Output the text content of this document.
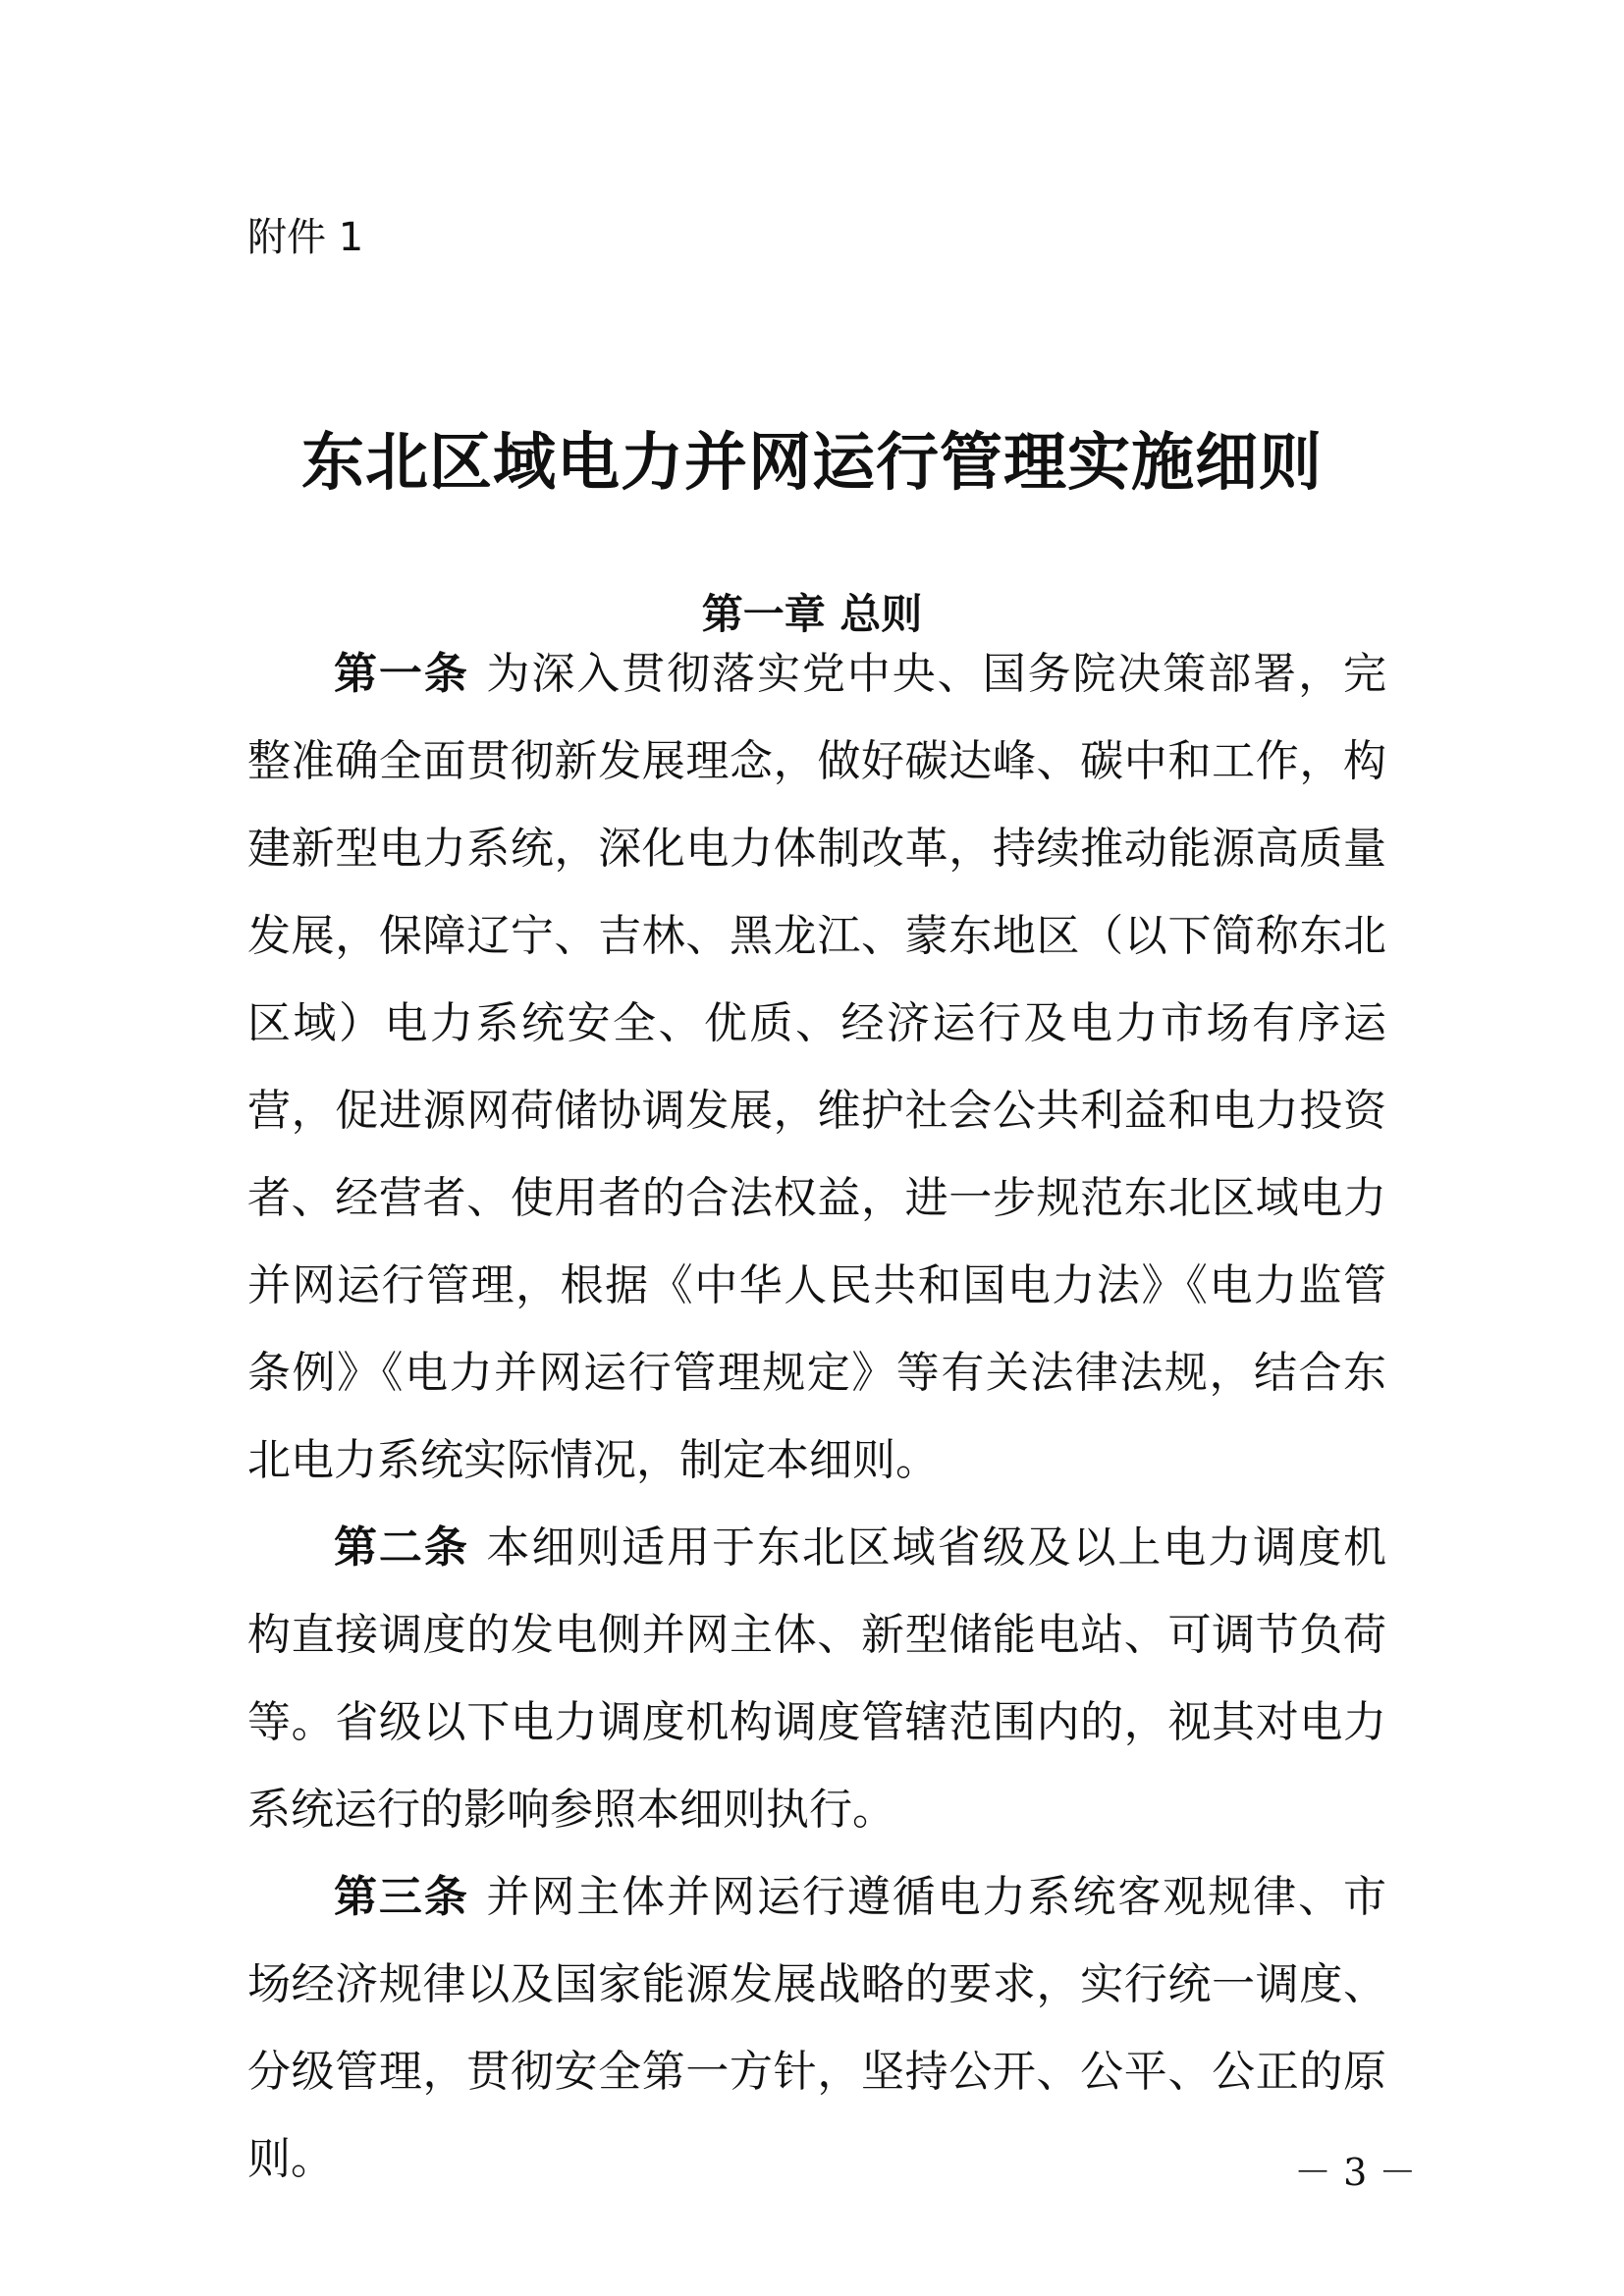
附件 1
东北区域电力并网运行管理实施细则
第一章 总则

第一条 为深入贯彻落实党中央、国务院决策部署，完整准确全面贯彻新发展理念，做好碳达峰、碳中和工作，构建新型电力系统，深化电力体制改革，持续推动能源高质量发展，保障辽宁、吉林、黑龙江、蒙东地区（以下简称东北区域）电力系统安全、优质、经济运行及电力市场有序运营，促进源网荷储协调发展，维护社会公共利益和电力投资者、经营者、使用者的合法权益，进一步规范东北区域电力并网运行管理，根据《中华人民共和国电力法》《电力监管条例》《电力并网运行管理规定》等有关法律法规，结合东北电力系统实际情况，制定本细则。

第二条 本细则适用于东北区域省级及以上电力调度机构直接调度的发电侧并网主体、新型储能电站、可调节负荷等。省级以下电力调度机构调度管辖范围内的，视其对电力系统运行的影响参照本细则执行。

第三条 并网主体并网运行遵循电力系统客观规律、市场经济规律以及国家能源发展战略的要求，实行统一调度、分级管理，贯彻安全第一方针，坚持公开、公平、公正的原则。	－ 3 －
